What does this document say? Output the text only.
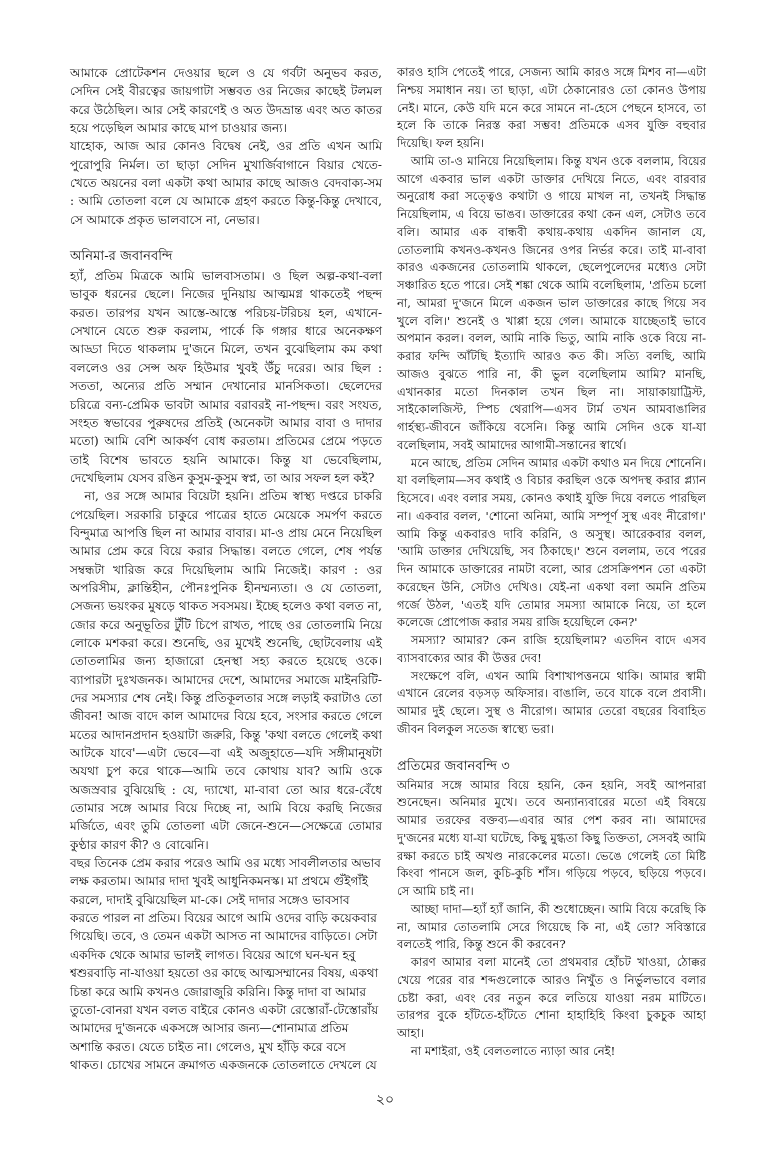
আমাকে প্রোটেকশন দেওয়ার ছলে ও যে গর্বটা অনুভব করত, সেদিন সেই বীরত্বের জায়গাটা সম্ভবত ওর নিজের কাছেই টলমল করে উঠেছিল। আর সেই কারণেই ও অত উদভ্রান্ত এবং অত কাতর হয়ে পড়েছিল আমার কাছে মাপ চাওয়ার জন্য।

যাহোক, আজ আর কোনও বিদ্বেষ নেই, ওর প্রতি এখন আমি পুরোপুরি নির্মল। তা ছাড়া সেদিন মুখার্জিবাগানে বিয়ার খেতে-খেতে অয়নের বলা একটা কথা আমার কাছে আজও বেদবাক্য-সম : আমি তোতলা বলে যে আমাকে গ্রহণ করতে কিন্তু-কিন্তু দেখাবে, সে আমাকে প্রকৃত ভালবাসে না, নেভার।

অনিমা-র জবানবন্দি

হ্যাঁ, প্রতিম মিত্রকে আমি ভালবাসতাম। ও ছিল অল্প-কথা-বলা ভাবুক ধরনের ছেলে। নিজের দুনিয়ায় আত্মমগ্ন থাকতেই পছন্দ করত। তারপর যখন আস্তে-আস্তে পরিচয়-টরিচয় হল, এখানে-সেখানে যেতে শুরু করলাম, পার্কে কি গঙ্গার ধারে অনেকক্ষণ আড্ডা দিতে থাকলাম দু'জনে মিলে, তখন বুঝেছিলাম কম কথা বললেও ওর সেন্স অফ হিউমার খুবই উঁচু দরের। আর ছিল : সততা, অন্যের প্রতি সম্মান দেখানোর মানসিকতা। ছেলেদের চরিত্রে বন্য-প্রেমিক ভাবটা আমার বরাবরই না-পছন্দ। বরং সংযত, সংহত স্বভাবের পুরুষদের প্রতিই (অনেকটা আমার বাবা ও দাদার মতো) আমি বেশি আকর্ষণ বোধ করতাম। প্রতিমের প্রেমে পড়তে তাই বিশেষ ভাবতে হয়নি আমাকে। কিন্তু যা ভেবেছিলাম, দেখেছিলাম যেসব রঙিন কুসুম-কুসুম স্বপ্ন, তা আর সফল হল কই?

না, ওর সঙ্গে আমার বিয়েটা হয়নি। প্রতিম স্বাস্থ্য দপ্তরে চাকরি পেয়েছিল। সরকারি চাকুরে পাত্রের হাতে মেয়েকে সমর্পণ করতে বিন্দুমাত্র আপত্তি ছিল না আমার বাবার। মা-ও প্রায় মেনে নিয়েছিল আমার প্রেম করে বিয়ে করার সিদ্ধান্ত। বলতে গেলে, শেষ পর্যন্ত সম্বন্ধটা খারিজ করে দিয়েছিলাম আমি নিজেই। কারণ : ওর অপরিসীম, ক্লান্তিহীন, পৌনঃপুনিক হীনম্মন্যতা। ও যে তোতলা, সেজন্য ভয়ংকর মুষড়ে থাকত সবসময়। ইচ্ছে হলেও কথা বলত না, জোর করে অনুভূতির টুঁটি চিপে রাখত, পাছে ওর তোতলামি নিয়ে লোকে মশকরা করে। শুনেছি, ওর মুখেই শুনেছি, ছোটবেলায় এই তোতলামির জন্য হাজারো হেনস্থা সহ্য করতে হয়েছে ওকে। ব্যাপারটা দুঃখজনক। আমাদের দেশে, আমাদের সমাজে মাইনরিটি-দের সমস্যার শেষ নেই। কিন্তু প্রতিকূলতার সঙ্গে লড়াই করাটাও তো জীবন! আজ বাদে কাল আমাদের বিয়ে হবে, সংসার করতে গেলে মতের আদানপ্রদান হওয়াটা জরুরি, কিন্তু 'কথা বলতে গেলেই কথা আটকে যাবে'—এটা ভেবে—বা এই অজুহাতে—যদি সঙ্গীমানুষটা অযথা চুপ করে থাকে—আমি তবে কোথায় যাব? আমি ওকে অজস্রবার বুঝিয়েছি : যে, দ্যাখো, মা-বাবা তো আর ধরে-বেঁধে তোমার সঙ্গে আমার বিয়ে দিচ্ছে না, আমি বিয়ে করছি নিজের মর্জিতে, এবং তুমি তোতলা এটা জেনে-শুনে—সেক্ষেত্রে তোমার কুণ্ঠার কারণ কী? ও বোঝেনি।

বছর তিনেক প্রেম করার পরেও আমি ওর মধ্যে সাবলীলতার অভাব লক্ষ করতাম। আমার দাদা খুবই আধুনিকমনস্ক। মা প্রথমে গুঁইগাঁই করলে, দাদাই বুঝিয়েছিল মা-কে। সেই দাদার সঙ্গেও ভাবসাব করতে পারল না প্রতিম। বিয়ের আগে আমি ওদের বাড়ি কয়েকবার গিয়েছি। তবে, ও তেমন একটা আসত না আমাদের বাড়িতে। সেটা একদিক থেকে আমার ভালই লাগত। বিয়ের আগে ঘন-ঘন হবু শ্বশুরবাড়ি না-যাওয়া হয়তো ওর কাছে আত্মসম্মানের বিষয়, একথা চিন্তা করে আমি কখনও জোরাজুরি করিনি। কিন্তু দাদা বা আমার তুতো-বোনরা যখন বলত বাইরে কোনও একটা রেস্তোরাঁ-টেস্তোরাঁয় আমাদের দু'জনকে একসঙ্গে আসার জন্য—শোনামাত্র প্রতিম অশান্তি করত। যেতে চাইত না। গেলেও, মুখ হাঁড়ি করে বসে থাকত। চোখের সামনে ক্রমাগত একজনকে তোতলাতে দেখলে যে

কারও হাসি পেতেই পারে, সেজন্য আমি কারও সঙ্গে মিশব না—এটা নিশ্চয় সমাধান নয়। তা ছাড়া, এটা ঠেকানোরও তো কোনও উপায় নেই। মানে, কেউ যদি মনে করে সামনে না-হেসে পেছনে হাসবে, তা হলে কি তাকে নিরস্ত করা সম্ভব! প্রতিমকে এসব যুক্তি বহুবার দিয়েছি। ফল হয়নি।

আমি তা-ও মানিয়ে নিয়েছিলাম। কিন্তু যখন ওকে বললাম, বিয়ের আগে একবার ভাল একটা ডাক্তার দেখিয়ে নিতে, এবং বারবার অনুরোধ করা সত্ত্বেও কথাটা ও গায়ে মাখল না, তখনই সিদ্ধান্ত নিয়েছিলাম, এ বিয়ে ভাঙব। ডাক্তারের কথা কেন এল, সেটাও তবে বলি। আমার এক বান্ধবী কথায়-কথায় একদিন জানাল যে, তোতলামি কখনও-কখনও জিনের ওপর নির্ভর করে। তাই মা-বাবা কারও একজনের তোতলামি থাকলে, ছেলেপুলেদের মধ্যেও সেটা সঞ্চারিত হতে পারে। সেই শঙ্কা থেকে আমি বলেছিলাম, 'প্রতিম চলো না, আমরা দু'জনে মিলে একজন ভাল ডাক্তারের কাছে গিয়ে সব খুলে বলি।' শুনেই ও খাপ্পা হয়ে গেল। আমাকে যাচ্ছেতাই ভাবে অপমান করল। বলল, আমি নাকি ভিতু, আমি নাকি ওকে বিয়ে না-করার ফন্দি আঁটছি ইত্যাদি আরও কত কী। সত্যি বলছি, আমি আজও বুঝতে পারি না, কী ভুল বলেছিলাম আমি? মানছি, এখানকার মতো দিনকাল তখন ছিল না। সায়াকায়াট্রিস্ট, সাইকোলজিস্ট, স্পিচ থেরাপি—এসব টার্ম তখন আমবাঙালির গার্হস্থ্য-জীবনে জাঁকিয়ে বসেনি। কিন্তু আমি সেদিন ওকে যা-যা বলেছিলাম, সবই আমাদের আগামী-সন্তানের স্বার্থে।

মনে আছে, প্রতিম সেদিন আমার একটা কথাও মন দিয়ে শোনেনি। যা বলছিলাম—সব কথাই ও বিচার করছিল ওকে অপদস্থ করার প্ল্যান হিসেবে। এবং বলার সময়, কোনও কথাই যুক্তি দিয়ে বলতে পারছিল না। একবার বলল, 'শোনো অনিমা, আমি সম্পূর্ণ সুস্থ এবং নীরোগ।' আমি কিন্তু একবারও দাবি করিনি, ও অসুস্থ। আরেকবার বলল, 'আমি ডাক্তার দেখিয়েছি, সব ঠিকাছে।' শুনে বললাম, তবে পরের দিন আমাকে ডাক্তারের নামটা বলো, আর প্রেসক্রিপশন তো একটা করেছেন উনি, সেটাও দেখিও। যেই-না একথা বলা অমনি প্রতিম গর্জে উঠল, 'এতই যদি তোমার সমস্যা আমাকে নিয়ে, তা হলে কলেজে প্রোপোজ করার সময় রাজি হয়েছিলে কেন?'

সমস্যা? আমার? কেন রাজি হয়েছিলাম? এতদিন বাদে এসব ব্যাসবাক্যের আর কী উত্তর দেব!

সংক্ষেপে বলি, এখন আমি বিশাখাপত্তনমে থাকি। আমার স্বামী এখানে রেলের বড়সড় অফিসার। বাঙালি, তবে যাকে বলে প্রবাসী। আমার দুই ছেলে। সুস্থ ও নীরোগ। আমার তেরো বছরের বিবাহিত জীবন বিলকুল সতেজ স্বাস্থ্যে ভরা।

প্রতিমের জবানবন্দি ৩

অনিমার সঙ্গে আমার বিয়ে হয়নি, কেন হয়নি, সবই আপনারা শুনেছেন। অনিমার মুখে। তবে অন্যান্যবারের মতো এই বিষয়ে আমার তরফের বক্তব্য—এবার আর পেশ করব না। আমাদের দু'জনের মধ্যে যা-যা ঘটেছে, কিছু মুগ্ধতা কিছু তিক্ততা, সেসবই আমি রক্ষা করতে চাই অখণ্ড নারকেলের মতো। ভেঙে গেলেই তো মিষ্টি কিংবা পানসে জল, কুচি-কুচি শাঁস। গড়িয়ে পড়বে, ছড়িয়ে পড়বে। সে আমি চাই না।

আচ্ছা দাদা—হ্যাঁ হ্যাঁ জানি, কী শুধোচ্ছেন। আমি বিয়ে করেছি কি না, আমার তোতলামি সেরে গিয়েছে কি না, এই তো? সবিস্তারে বলতেই পারি, কিন্তু শুনে কী করবেন?

কারণ আমার বলা মানেই তো প্রথমবার হোঁচট খাওয়া, ঠোক্কর খেয়ে পরের বার শব্দগুলোকে আরও নিখুঁত ও নির্ভুলভাবে বলার চেষ্টা করা, এবং বের নতুন করে লতিয়ে যাওয়া নরম মাটিতে। তারপর বুকে হাঁটতে-হাঁটতে শোনা হাহাহিহি কিংবা চুকচুক আহা আহা।

না মশাইরা, ওই বেলতলাতে ন্যাড়া আর নেই!

২০
